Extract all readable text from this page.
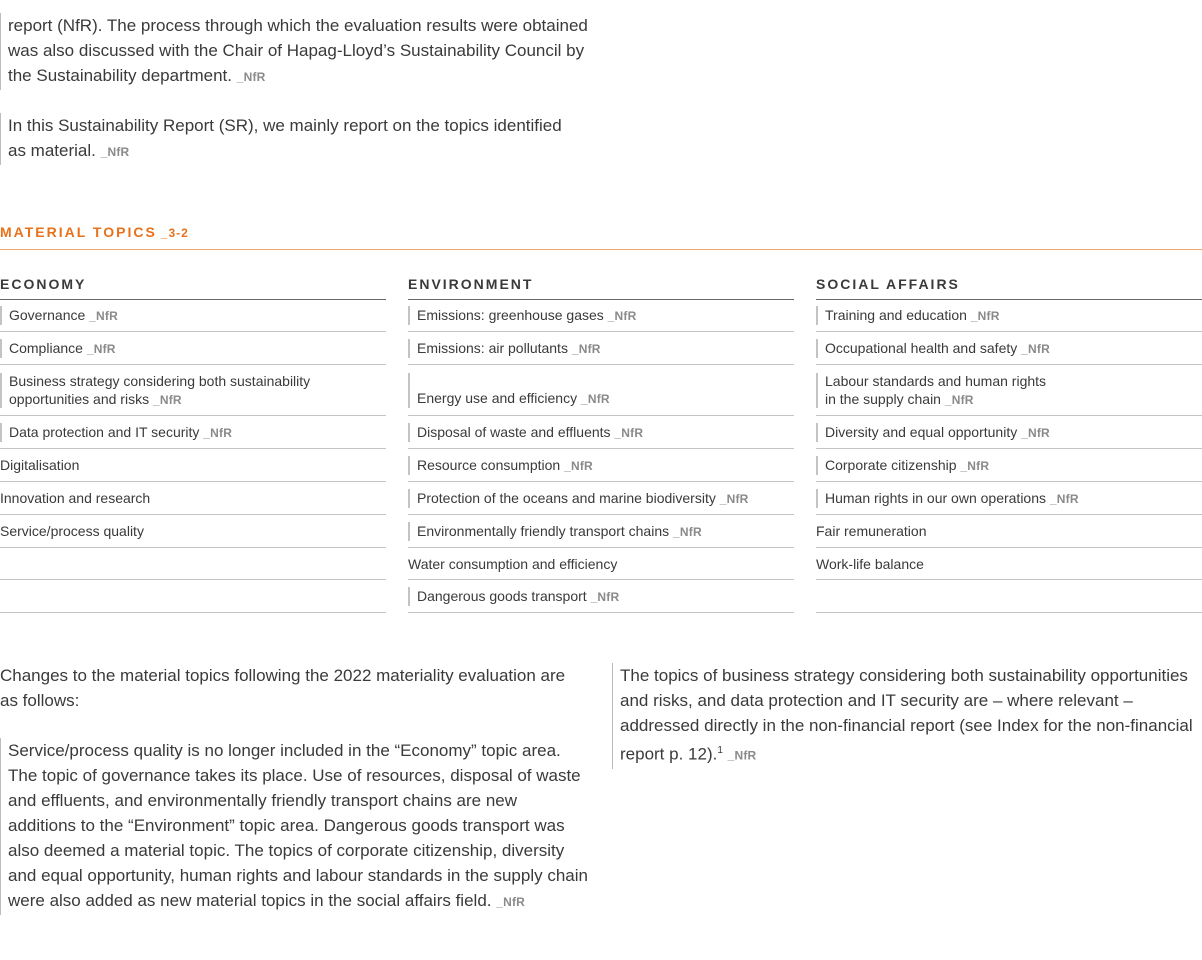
report (NfR). The process through which the evaluation results were obtained was also discussed with the Chair of Hapag-Lloyd’s Sustainability Council by the Sustainability department. _NfR
In this Sustainability Report (SR), we mainly report on the topics identified as material. _NfR
MATERIAL TOPICS _3-2
ECONOMY
Governance _NfR
Compliance _NfR
Business strategy considering both sustainability opportunities and risks _NfR
Data protection and IT security _NfR
Digitalisation
Innovation and research
Service/process quality
ENVIRONMENT
Emissions: greenhouse gases _NfR
Emissions: air pollutants _NfR
Energy use and efficiency _NfR
Disposal of waste and effluents _NfR
Resource consumption _NfR
Protection of the oceans and marine biodiversity _NfR
Environmentally friendly transport chains _NfR
Water consumption and efficiency
Dangerous goods transport _NfR
SOCIAL AFFAIRS
Training and education _NfR
Occupational health and safety _NfR
Labour standards and human rights in the supply chain _NfR
Diversity and equal opportunity _NfR
Corporate citizenship _NfR
Human rights in our own operations _NfR
Fair remuneration
Work-life balance
Changes to the material topics following the 2022 materiality evaluation are as follows:
Service/process quality is no longer included in the “Economy” topic area. The topic of governance takes its place. Use of resources, disposal of waste and effluents, and environmentally friendly transport chains are new additions to the “Environment” topic area. Dangerous goods transport was also deemed a material topic. The topics of corporate citizenship, diversity and equal opportunity, human rights and labour standards in the supply chain were also added as new material topics in the social affairs field. _NfR
The topics of business strategy considering both sustainability opportunities and risks, and data protection and IT security are – where relevant – addressed directly in the non-financial report (see Index for the non-financial report p. 12).$^1$ _NfR
